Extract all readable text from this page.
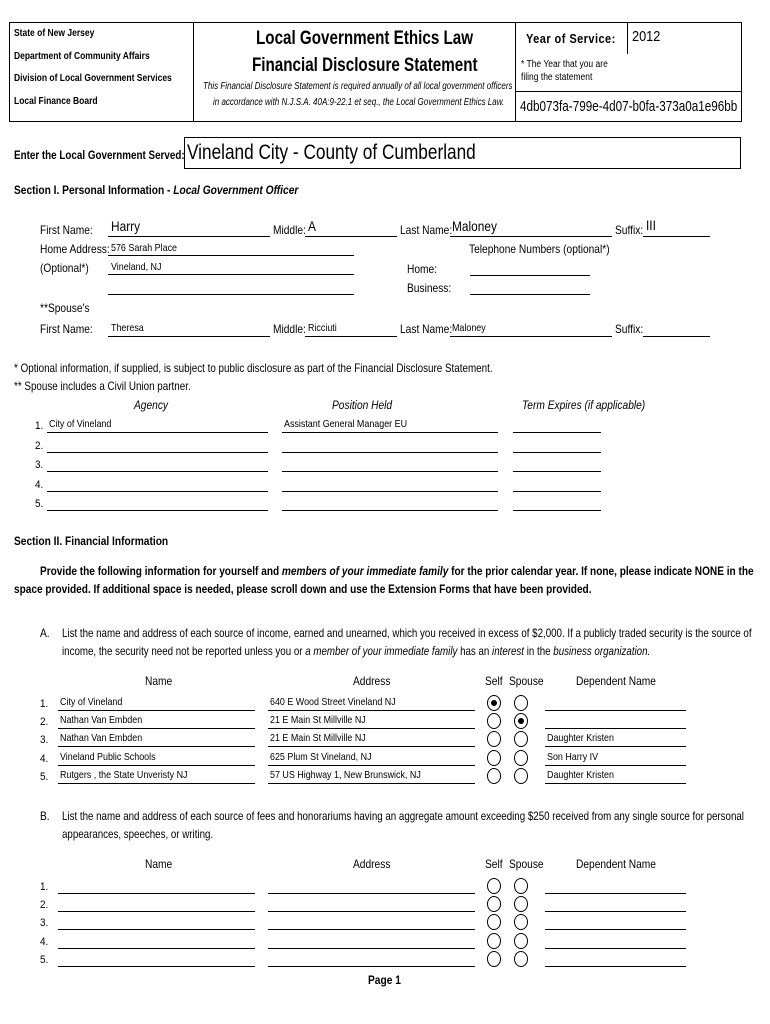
State of New Jersey
Department of Community Affairs
Division of Local Government Services
Local Finance Board
Local Government Ethics Law
Financial Disclosure Statement
This Financial Disclosure Statement is required annually of all local government officers
in accordance with N.J.S.A. 40A:9-22.1 et seq., the Local Government Ethics Law.
Year of Service: 2012
* The Year that you are filing the statement
4db073fa-799e-4d07-b0fa-373a0a1e96bb
Enter the Local Government Served: Vineland City - County of Cumberland
Section I. Personal Information - Local Government Officer
First Name: Harry	Middle: A	Last Name: Maloney	Suffix: III
Home Address: 576 Sarah Place
(Optional*) Vineland, NJ
Telephone Numbers (optional*)
Home:
Business:
**Spouse's
First Name: Theresa	Middle: Ricciuti	Last Name: Maloney	Suffix:
* Optional information, if supplied, is subject to public disclosure as part of the Financial Disclosure Statement.
** Spouse includes a Civil Union partner.
Agency	Position Held	Term Expires (if applicable)
1. City of Vineland	Assistant General Manager EU
2.
3.
4.
5.
Section II. Financial Information
Provide the following information for yourself and members of your immediate family for the prior calendar year. If none, please indicate NONE in the
space provided. If additional space is needed, please scroll down and use the Extension Forms that have been provided.
A. List the name and address of each source of income, earned and unearned, which you received in excess of $2,000. If a publicly traded security is the source of
income, the security need not be reported unless you or a member of your immediate family has an interest in the business organization.
Name	Address	Self Spouse	Dependent Name
1. City of Vineland	640 E Wood Street Vineland NJ
2. Nathan Van Embden	21 E Main St Millville NJ
3. Nathan Van Embden	21 E Main St Millville NJ	Daughter Kristen
4. Vineland Public Schools	625 Plum St Vineland, NJ	Son Harry IV
5. Rutgers , the State Unveristy NJ	57 US Highway 1, New Brunswick, NJ	Daughter Kristen
B. List the name and address of each source of fees and honorariums having an aggregate amount exceeding $250 received from any single source for personal
appearances, speeches, or writing.
Name	Address	Self Spouse	Dependent Name
1.
2.
3.
4.
5.
Page 1
